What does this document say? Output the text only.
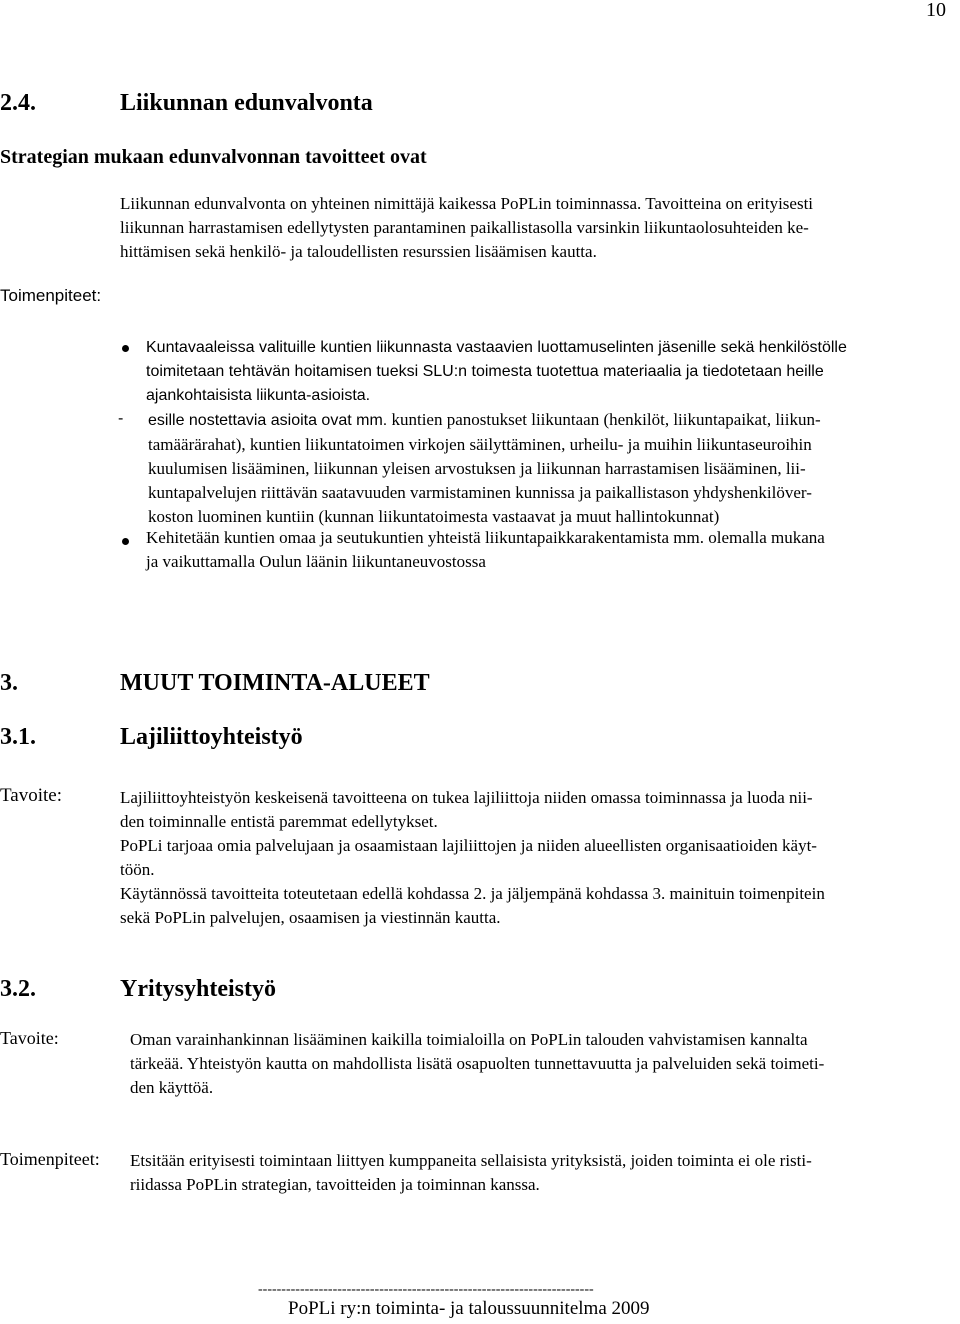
10
2.4.	Liikunnan edunvalvonta
Strategian mukaan edunvalvonnan tavoitteet ovat
Liikunnan edunvalvonta on yhteinen nimittäjä kaikessa PoPLin toiminnassa. Tavoitteina on erityisesti
liikunnan harrastamisen edellytysten parantaminen paikallistasolla varsinkin liikuntaolosuhteiden ke-
hittämisen sekä henkilö- ja taloudellisten resurssien lisäämisen kautta.
Toimenpiteet:
Kuntavaaleissa valituille kuntien liikunnasta vastaavien luottamuselinten jäsenille sekä henkilöstölle
toimitetaan tehtävän hoitamisen tueksi SLU:n toimesta tuotettua materiaalia ja tiedotetaan heille
ajankohtaisista liikunta-asioista.
- esille nostettavia asioita ovat mm. kuntien panostukset liikuntaan (henkilöt, liikuntapaikat, liikun-
tamäärärahat), kuntien liikuntatoimen virkojen säilyttäminen, urheilu- ja muihin liikuntaseuroihin
kuulumisen lisääminen, liikunnan yleisen arvostuksen ja liikunnan harrastamisen lisääminen, lii-
kuntapalvelujen riittävän saatavuuden varmistaminen kunnissa ja paikallistason yhdyshenkilöver-
koston luominen kuntiin (kunnan liikuntatoimesta vastaavat ja muut hallintokunnat)
Kehitetään kuntien omaa ja seutukuntien yhteistä liikuntapaikkarakentamista mm. olemalla mukana
ja vaikuttamalla Oulun läänin liikuntaneuvostossa
3.	MUUT TOIMINTA-ALUEET
3.1.	Lajiliittoyhteistyö
Tavoite:	Lajiliittoyhteistyön keskeisenä tavoitteena on tukea lajiliittoja niiden omassa toiminnassa ja luoda nii-
den toiminnalle entistä paremmat edellytykset.
PoPLi tarjoaa omia palvelujaan ja osaamistaan lajiliittojen ja niiden alueellisten organisaatioiden käyt-
töön.
Käytännössä tavoitteita toteutetaan edellä kohdassa 2. ja jäljempänä kohdassa 3. mainituin toimenpitein
sekä PoPLin palvelujen, osaamisen ja viestinnän kautta.
3.2.	Yritysyhteistyö
Tavoite:	Oman varainhankinnan lisääminen kaikilla toimialoilla on PoPLin talouden vahvistamisen kannalta
tärkeää. Yhteistyön kautta on mahdollista lisätä osapuolten tunnettavuutta ja palveluiden sekä toimeti-
den käyttöä.
Toimenpiteet: Etsitään erityisesti toimintaan liittyen kumppaneita sellaisista yrityksistä, joiden toiminta ei ole risti-
riidassa PoPLin strategian, tavoitteiden ja toiminnan kanssa.
------------------------------------------------------------------------
PoPLi ry:n toiminta- ja taloussuunnitelma 2009
